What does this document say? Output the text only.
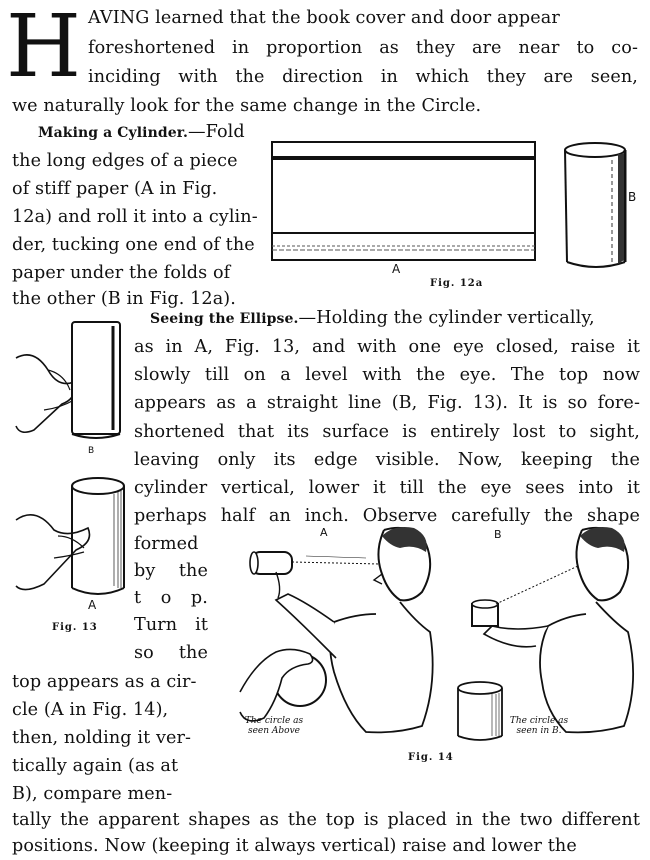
H AVING learned that the book cover and door appear
foreshortened in proportion as they are near to co-
inciding with the direction in which they are seen,
we naturally look for the same change in the Circle.
Making a Cylinder.—Fold
the long edges of a piece
of stiff paper (A in Fig.
12a) and roll it into a cylin-
der, tucking one end of the
paper under the folds of
the other (B in Fig. 12a).
A
Fig. 12a
B
Seeing the Ellipse.—Holding the cylinder vertically,
as in A, Fig. 13, and with one eye closed, raise it
slowly till on a level with the eye. The top now
appears as a straight line (B, Fig. 13). It is so fore-
shortened that its surface is entirely lost to sight,
leaving only its edge visible. Now, keeping the
cylinder vertical, lower it till the eye sees into it
perhaps half an inch. Observe carefully the shape
formed
by the
t o p.
Turn it
so the
top appears as a cir-
cle (A in Fig. 14),
then, nolding it ver-
tically again (as at
B), compare men-
tally the apparent shapes as the top is placed in the two different
positions. Now (keeping it always vertical) raise and lower the
B
A
Fig. 13
A	B
The circle as seen Above
The circle as seen in B.
Fig. 14
